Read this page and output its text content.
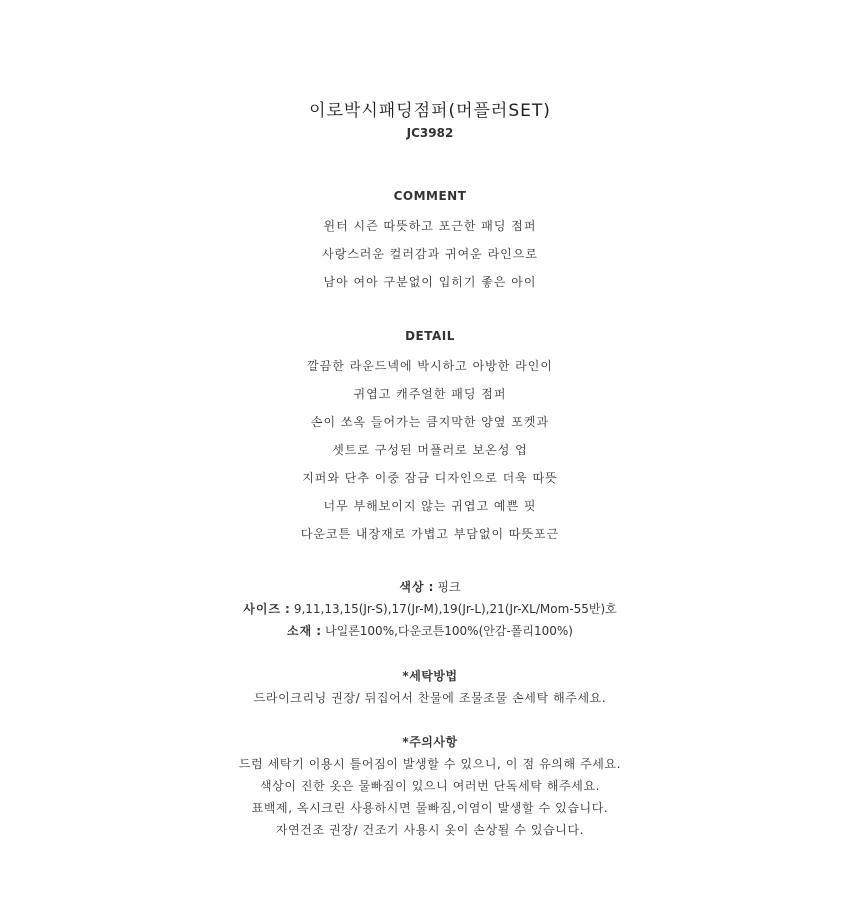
이로박시패딩점퍼(머플러SET)
JC3982
COMMENT
윈터 시즌 따뜻하고 포근한 패딩 점퍼
사랑스러운 컬러감과 귀여운 라인으로
남아 여아 구분없이 입히기 좋은 아이
DETAIL
깔끔한 라운드넥에 박시하고 아방한 라인이
귀엽고 캐주얼한 패딩 점퍼
손이 쏘옥 들어가는 큼지막한 양옆 포켓과
셋트로 구성된 머플러로 보온성 업
지퍼와 단추 이중 잠금 디자인으로 더욱 따뜻
너무 부해보이지 않는 귀엽고 예쁜 핏
다운코튼 내장재로 가볍고 부담없이 따뜻포근
색상 : 핑크
사이즈 : 9,11,13,15(Jr-S),17(Jr-M),19(Jr-L),21(Jr-XL/Mom-55반)호
소재 : 나일론100%,다운코튼100%(안감-폴리100%)
*세탁방법
드라이크리닝 권장/ 뒤집어서 찬물에 조물조물 손세탁 해주세요.
*주의사항
드럼 세탁기 이용시 틀어짐이 발생할 수 있으니, 이 점 유의해 주세요.
색상이 진한 옷은 물빠짐이 있으니 여러번 단독세탁 해주세요.
표백제, 옥시크린 사용하시면 물빠짐,이염이 발생할 수 있습니다.
자연건조 권장/ 건조기 사용시 옷이 손상될 수 있습니다.
